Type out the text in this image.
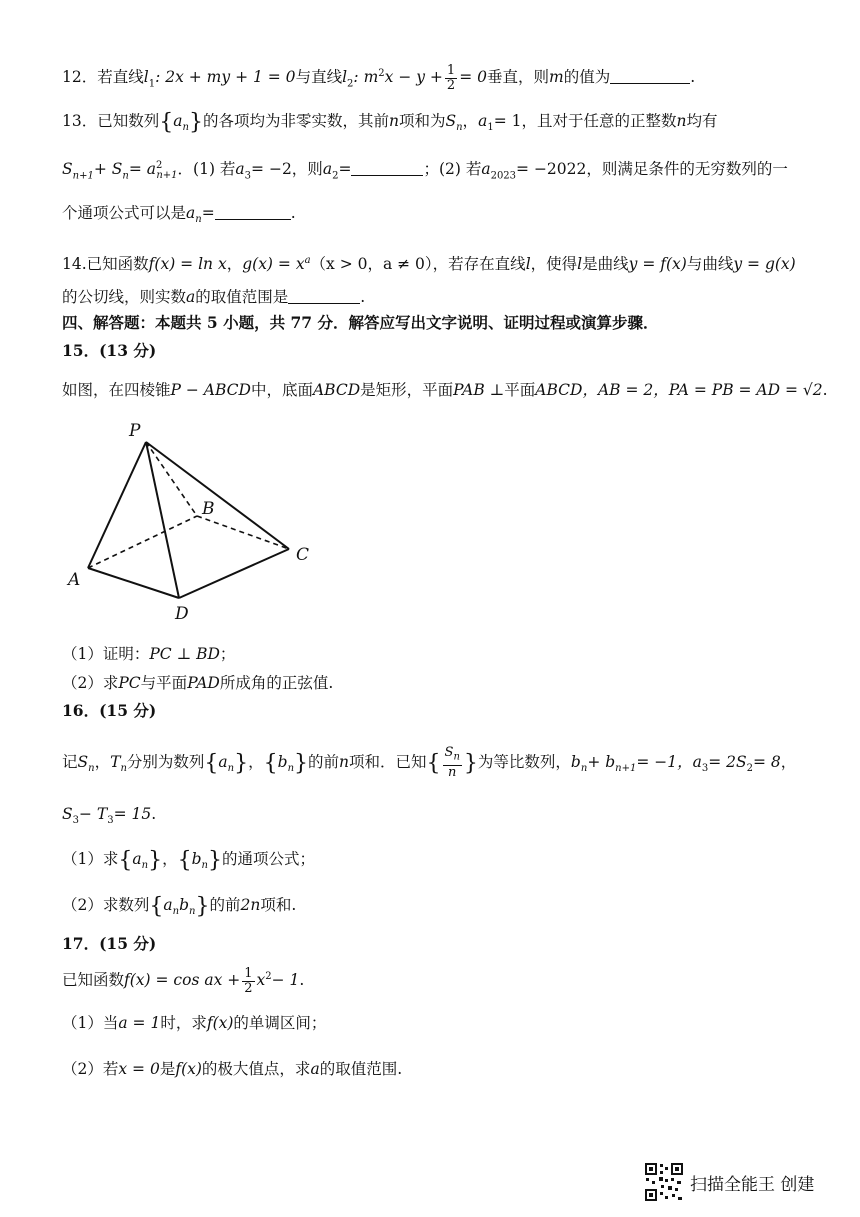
12．若直线$l_1$: 2x + my + 1 = 0与直线$l_2$: $m^2x - y + \frac{1}{2} = 0$垂直，则m的值为	.
13．已知数列$\{a_n\}$的各项均为非零实数，其前n项和为$S_n$，$a_1= 1$，且对于任意的正整数n均有
$S_{n+1}+ S_n= a^2_{n+1}$．(1) 若$a_3= -2$，则$a_2=$	；(2) 若$a_{2023}= -2022$，则满足条件的无穷数列的一
个通项公式可以是$a_n=$	.
14.已知函数f(x) = ln x，$g(x) = x^a(x > 0$，a ≠ 0），若存在直线l，使得l是曲线y = f(x)与曲线y = g(x)
的公切线，则实数a的取值范围是	.
四、解答题：本题共 5 小题，共 77 分．解答应写出文字说明、证明过程或演算步骤．
15．(13 分)
如图，在四棱锥P − ABCD中，底面ABCD是矩形，平面PAB ⊥平面ABCD，AB = 2，PA = PB = AD = √2.
P
B
C
A
D
（1）证明：PC ⊥ BD；
（2）求PC与平面PAD所成角的正弦值.
16．(15 分)
记$S_n$，$T_n$分别为数列$\{a_n\}$，$\{b_n\}$的前n项和．已知{ $\frac{S_n}{n}$ }为等比数列，$b_n+ b_{n+1}= -1$，$a_3= 2S_2= 8$，
$S_3- T_3= 15$.
（1）求$\{a_n\}$，$\{b_n\}$的通项公式；
（2）求数列$\{a_nb_n\}$的前2n项和.
17．(15 分)
已知函数f(x) = cos ax + $\frac{1}{2} x^2- 1$.
（1）当a = 1时，求f(x)的单调区间；
（2）若x = 0是f(x)的极大值点，求a的取值范围.
扫描全能王 创建
